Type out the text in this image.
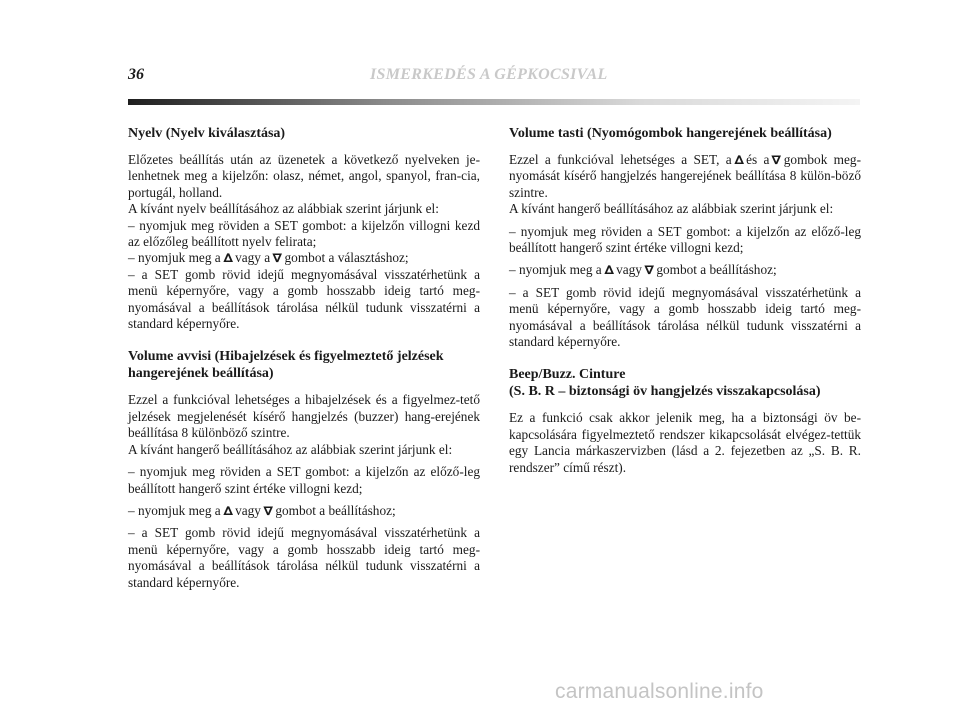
36	ISMERKEDÉS A GÉPKOCSIVAL
Nyelv (Nyelv kiválasztása)

Előzetes beállítás után az üzenetek a következő nyelveken je-lenhetnek meg a kijelzőn: olasz, német, angol, spanyol, fran-cia, portugál, holland.

A kívánt nyelv beállításához az alábbiak szerint járjunk el:

– nyomjuk meg röviden a SET gombot: a kijelzőn villogni kezd az előzőleg beállított nyelv felirata;

– nyomjuk meg a ∆ vagy a ∇ gombot a választáshoz;

– a SET gomb rövid idejű megnyomásával visszatérhetünk a menü képernyőre, vagy a gomb hosszabb ideig tartó meg-nyomásával a beállítások tárolása nélkül tudunk visszatérni a standard képernyőre.

Volume avvisi (Hibajelzések és figyelmeztető jelzések hangerejének beállítása)

Ezzel a funkcióval lehetséges a hibajelzések és a figyelmez-tető jelzések megjelenését kísérő hangjelzés (buzzer) hang-erejének beállítása 8 különböző szintre.

A kívánt hangerő beállításához az alábbiak szerint járjunk el:

– nyomjuk meg röviden a SET gombot: a kijelzőn az előző-leg beállított hangerő szint értéke villogni kezd;

– nyomjuk meg a ∆ vagy ∇ gombot a beállításhoz;

– a SET gomb rövid idejű megnyomásával visszatérhetünk a menü képernyőre, vagy a gomb hosszabb ideig tartó meg-nyomásával a beállítások tárolása nélkül tudunk visszatérni a standard képernyőre.

Volume tasti (Nyomógombok hangerejének beállítása)

Ezzel a funkcióval lehetséges a SET, a ∆ és a ∇ gombok meg-nyomását kísérő hangjelzés hangerejének beállítása 8 külön-böző szintre.

A kívánt hangerő beállításához az alábbiak szerint járjunk el:

– nyomjuk meg röviden a SET gombot: a kijelzőn az előző-leg beállított hangerő szint értéke villogni kezd;

– nyomjuk meg a ∆ vagy ∇ gombot a beállításhoz;

– a SET gomb rövid idejű megnyomásával visszatérhetünk a menü képernyőre, vagy a gomb hosszabb ideig tartó meg-nyomásával a beállítások tárolása nélkül tudunk visszatérni a standard képernyőre.

Beep/Buzz. Cinture
(S. B. R – biztonsági öv hangjelzés visszakapcsolása)

Ez a funkció csak akkor jelenik meg, ha a biztonsági öv be-kapcsolására figyelmeztető rendszer kikapcsolását elvégez-tettük egy Lancia márkaszervizben (lásd a 2. fejezetben az „S. B. R. rendszer” című részt).

carmanualsonline.info
